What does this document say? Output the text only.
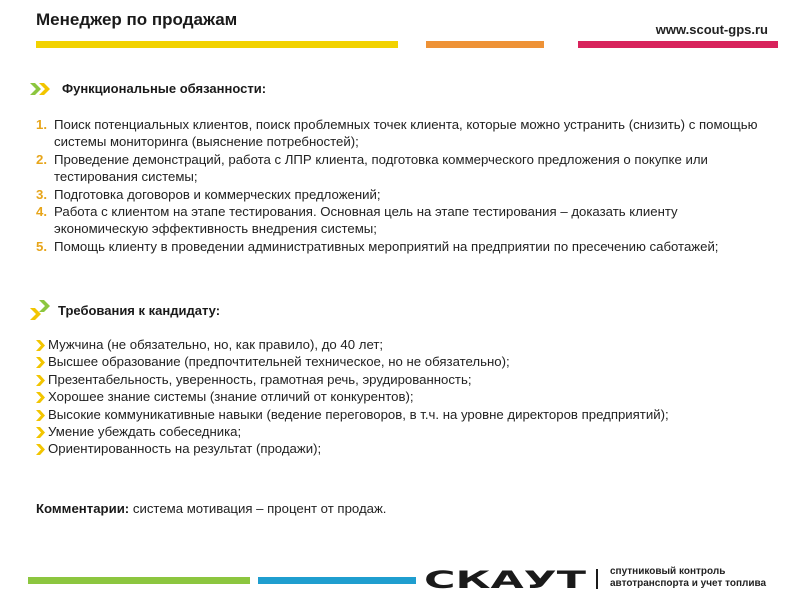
Менеджер по продажам
www.scout-gps.ru
Функциональные обязанности:
1. Поиск потенциальных клиентов, поиск проблемных точек клиента, которые можно устранить (снизить) с помощью системы мониторинга (выяснение потребностей);
2. Проведение демонстраций, работа с ЛПР клиента, подготовка коммерческого предложения о покупке или тестирования системы;
3. Подготовка договоров и коммерческих предложений;
4. Работа с клиентом на этапе тестирования. Основная цель на этапе тестирования – доказать клиенту экономическую эффективность внедрения системы;
5. Помощь клиенту в проведении административных мероприятий на предприятии по пресечению саботажей;
Требования к кандидату:
Мужчина (не обязательно, но, как правило), до 40 лет;
Высшее образование (предпочтительней техническое, но не обязательно);
Презентабельность, уверенность, грамотная речь, эрудированность;
Хорошее знание системы (знание отличий от конкурентов);
Высокие коммуникативные навыки (ведение переговоров, в т.ч. на уровне директоров предприятий);
Умение убеждать собеседника;
Ориентированность на результат (продажи);
Комментарии: система мотивация – процент от продаж.
СКАУТ спутниковый контроль
автотранспорта и учет топлива
